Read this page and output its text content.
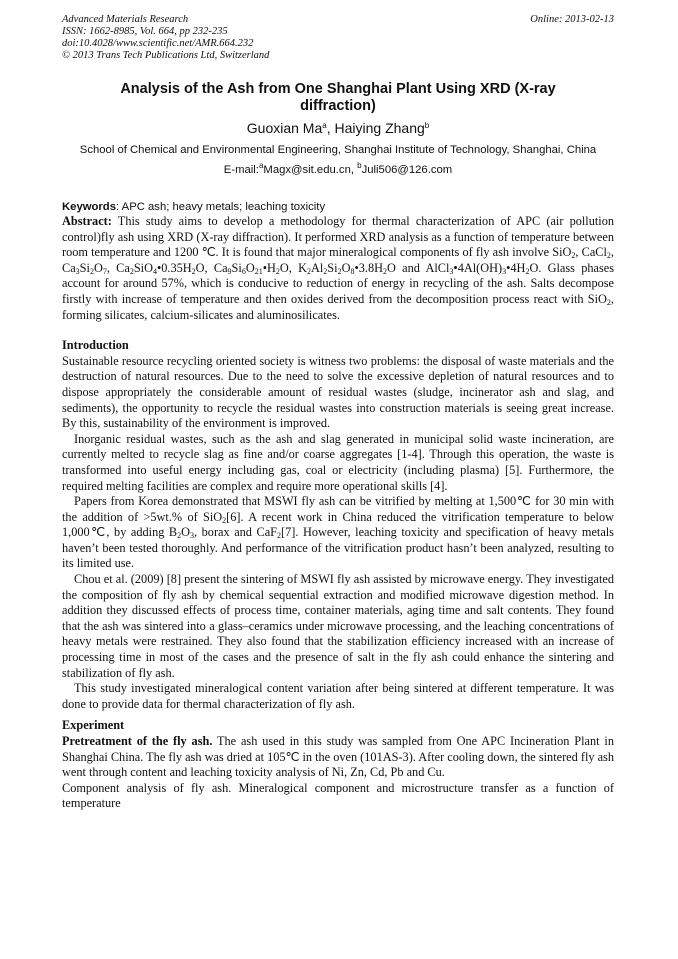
Advanced Materials Research
ISSN: 1662-8985, Vol. 664, pp 232-235
doi:10.4028/www.scientific.net/AMR.664.232
© 2013 Trans Tech Publications Ltd, Switzerland
Online: 2013-02-13
Analysis of the Ash from One Shanghai Plant Using XRD (X-ray diffraction)
Guoxian Ma$^a$, Haiying Zhang$^b$
School of Chemical and Environmental Engineering, Shanghai Institute of Technology, Shanghai, China
E-mail:$^a$Magx@sit.edu.cn, $^b$Juli506@126.com
Keywords: APC ash; heavy metals; leaching toxicity

Abstract: This study aims to develop a methodology for thermal characterization of APC (air pollution control)fly ash using XRD (X-ray diffraction). It performed XRD analysis as a function of temperature between room temperature and 1200 ℃. It is found that major mineralogical components of fly ash involve SiO$_2$, CaCl$_2$, $Ca_3Si_2O_7$, $Ca_2SiO_4•0.35H_2O$, $Ca_9Si_6O_{21}•H_2O$, $K_2Al_2Si_2O_8•3.8H_2O$ and $AlCl_3•4Al(OH)_3•4H_2O$. Glass phases account for around 57%, which is conducive to reduction of energy in recycling of the ash. Salts decompose firstly with increase of temperature and then oxides derived from the decomposition process react with SiO$_2$, forming silicates, calcium-silicates and aluminosilicates.

Introduction

Sustainable resource recycling oriented society is witness two problems: the disposal of waste materials and the destruction of natural resources. Due to the need to solve the excessive depletion of natural resources and to dispose appropriately the considerable amount of residual wastes (sludge, incinerator ash and slag, and sediments), the opportunity to recycle the residual wastes into construction materials is seeing great increase. By this, sustainability of the environment is improved.

Inorganic residual wastes, such as the ash and slag generated in municipal solid waste incineration, are currently melted to recycle slag as fine and/or coarse aggregates [1-4]. Through this operation, the waste is transformed into useful energy including gas, coal or electricity (including plasma) [5]. Furthermore, the required melting facilities are complex and require more operational skills [4].

Papers from Korea demonstrated that MSWI fly ash can be vitrified by melting at 1,500℃ for 30 min with the addition of >5wt.% of SiO$_2$[6]. A recent work in China reduced the vitrification temperature to below 1,000℃, by adding $B_2O_3$, borax and CaF$_2$[7]. However, leaching toxicity and specification of heavy metals haven’t been tested thoroughly. And performance of the vitrification product hasn’t been analyzed, resulting to its limited use.

Chou et al. (2009) [8] present the sintering of MSWI fly ash assisted by microwave energy. They investigated the composition of fly ash by chemical sequential extraction and modified microwave digestion method. In addition they discussed effects of process time, container materials, aging time and salt contents. They found that the ash was sintered into a glass–ceramics under microwave processing, and the leaching concentrations of heavy metals were restrained. They also found that the stabilization efficiency increased with an increase of processing time in most of the cases and the presence of salt in the fly ash could enhance the sintering and stabilization of fly ash.

This study investigated mineralogical content variation after being sintered at different temperature. It was done to provide data for thermal characterization of fly ash.

Experiment

Pretreatment of the fly ash. The ash used in this study was sampled from One APC Incineration Plant in Shanghai China. The fly ash was dried at 105℃ in the oven (101AS-3). After cooling down, the sintered fly ash went through content and leaching toxicity analysis of Ni, Zn, Cd, Pb and Cu.

Component analysis of fly ash. Mineralogical component and microstructure transfer as a function of temperature
